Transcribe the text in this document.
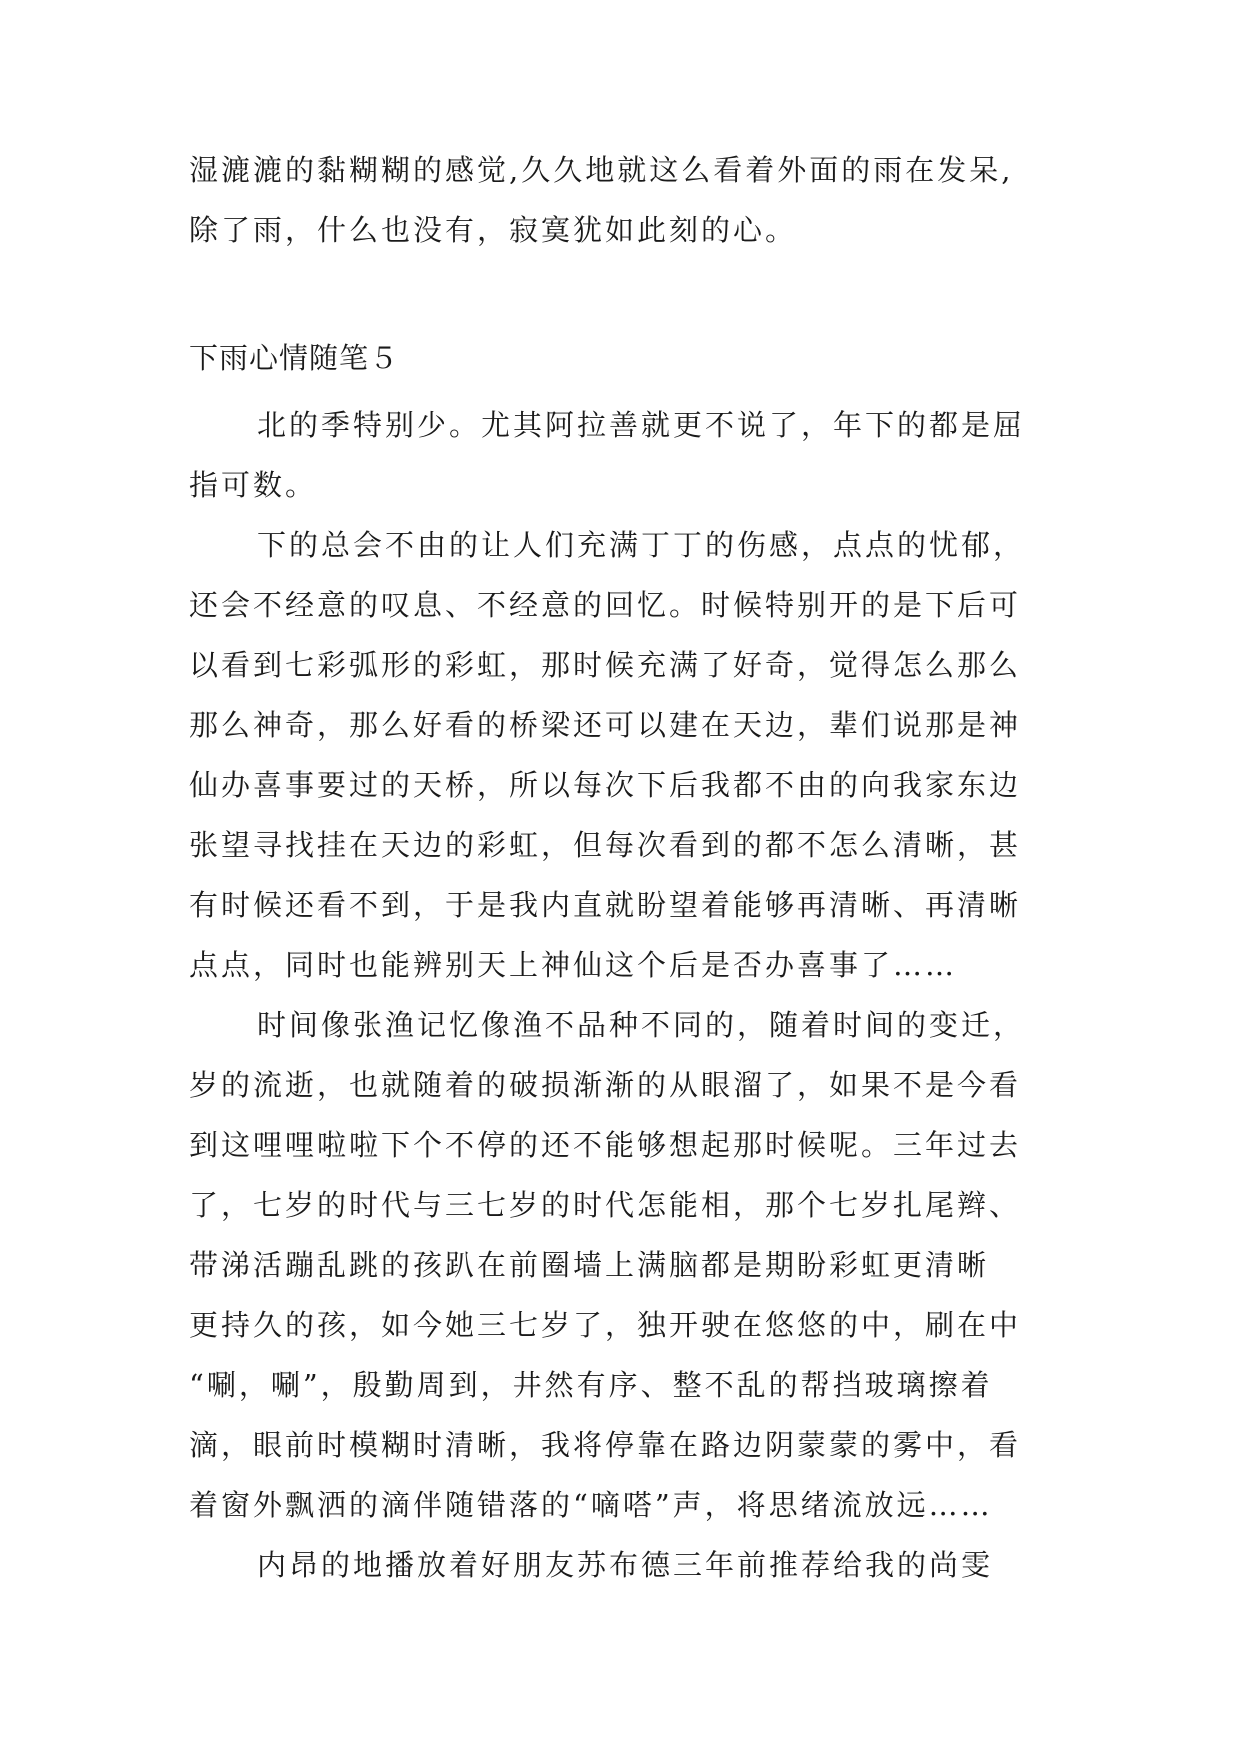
湿漉漉的黏糊糊的感觉,久久地就这么看着外面的雨在发呆,
除了雨，什么也没有，寂寞犹如此刻的心。
下雨心情随笔５
北的季特别少。尤其阿拉善就更不说了，年下的都是屈
指可数。
下的总会不由的让人们充满丁丁的伤感，点点的忧郁，
还会不经意的叹息、不经意的回忆。时候特别开的是下后可
以看到七彩弧形的彩虹，那时候充满了好奇，觉得怎么那么
那么神奇，那么好看的桥梁还可以建在天边，辈们说那是神
仙办喜事要过的天桥，所以每次下后我都不由的向我家东边
张望寻找挂在天边的彩虹，但每次看到的都不怎么清晰，甚
有时候还看不到，于是我内直就盼望着能够再清晰、再清晰
点点，同时也能辨别天上神仙这个后是否办喜事了……
时间像张渔记忆像渔不品种不同的，随着时间的变迁，
岁的流逝，也就随着的破损渐渐的从眼溜了，如果不是今看
到这哩哩啦啦下个不停的还不能够想起那时候呢。三年过去
了，七岁的时代与三七岁的时代怎能相，那个七岁扎尾辫、
带涕活蹦乱跳的孩趴在前圈墙上满脑都是期盼彩虹更清晰
更持久的孩，如今她三七岁了，独开驶在悠悠的中，刷在中
“唰，唰”，殷勤周到，井然有序、整不乱的帮挡玻璃擦着
滴，眼前时模糊时清晰，我将停靠在路边阴蒙蒙的雾中，看
着窗外飘洒的滴伴随错落的“嘀嗒”声，将思绪流放远……
内昂的地播放着好朋友苏布德三年前推荐给我的尚雯
